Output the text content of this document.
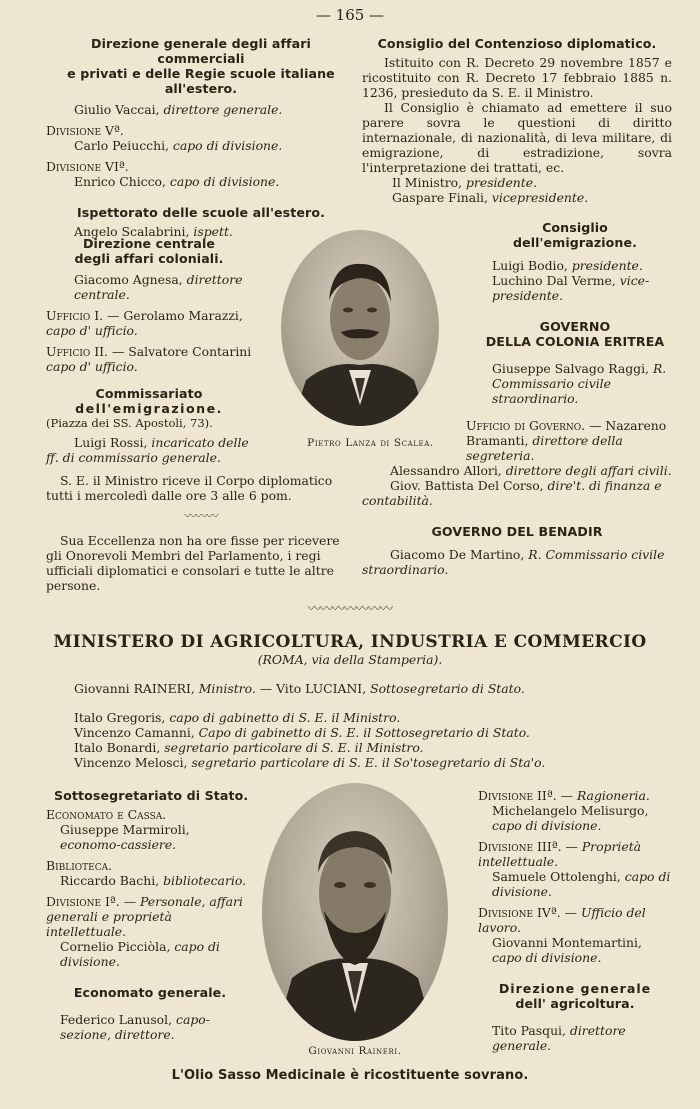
— 165 —
Direzione generale degli affari commerciali
e privati e delle Regie scuole italiane all'estero.
Giulio Vaccai, direttore generale.
Divisione Vª.
Carlo Peiucchi, capo di divisione.
Divisione VIª.
Enrico Chicco, capo di divisione.
Ispettorato delle scuole all'estero.
Angelo Scalabrini, ispett.
Direzione centrale
degli affari coloniali.
Giacomo Agnesa, direttore centrale.
Ufficio I. — Gerolamo Marazzi, capo d' ufficio.
Ufficio II. — Salvatore Contarini capo d' ufficio.
Commissariato
dell'emigrazione.
(Piazza dei SS. Apostoli, 73).
Luigi Rossi, incaricato delle ff. di commissario generale.
S. E. il Ministro riceve il Corpo diplomatico tutti i mercoledì dalle ore 3 alle 6 pom.
〰〰〰
Sua Eccellenza non ha ore fisse per ricevere gli Onorevoli Membri del Parlamento, i regi ufficiali diplomatici e consolari e tutte le altre persone.
Consiglio del Contenzioso diplomatico.
Istituito con R. Decreto 29 novembre 1857 e ricostituito con R. Decreto 17 febbraio 1885 n. 1236, presieduto da S. E. il Ministro.
Il Consiglio è chiamato ad emettere il suo parere sovra le questioni di diritto internazionale, di nazionalità, di leva militare, di emigrazione, di estradizione, sovra l'interpretazione dei trattati, ec.
Il Ministro, presidente.
Gaspare Finali, vicepresidente.
Consiglio dell'emigrazione.
Luigi Bodio, presidente.
Luchino Dal Verme, vice-presidente.
GOVERNO
DELLA COLONIA ERITREA
Giuseppe Salvago Raggi, R. Commissario civile straordinario.
Ufficio di Governo. — Nazareno Bramanti, direttore della segreteria.
Alessandro Allori, direttore degli affari civili.
Giov. Battista Del Corso, dire't. di finanza e contabilità.
GOVERNO DEL BENADIR
Giacomo De Martino, R. Commissario civile straordinario.
Pietro Lanza di Scalea.
〰〰〰〰〰〰〰
MINISTERO DI AGRICOLTURA, INDUSTRIA E COMMERCIO
(ROMA, via della Stamperia).
Giovanni RAINERI, Ministro. — Vito LUCIANI, Sottosegretario di Stato.
Italo Gregoris, capo di gabinetto di S. E. il Ministro.
Vincenzo Camanni, Capo di gabinetto di S. E. il Sottosegretario di Stato.
Italo Bonardi, segretario particolare di S. E. il Ministro.
Vincenzo Melosci, segretario particolare di S. E. il So'tosegretario di Sta'o.
Sottosegretariato di Stato.
Economato e Cassa.
Giuseppe Marmiroli, economo-cassiere.
Biblioteca.
Riccardo Bachi, bibliotecario.
Divisione Iª. — Personale, affari generali e proprietà intellettuale.
Cornelio Picciòla, capo di divisione.
Economato generale.
Federico Lanusol, capo-sezione, direttore.
Giovanni Raineri.
Divisione IIª. — Ragioneria.
Michelangelo Melisurgo, capo di divisione.
Divisione IIIª. — Proprietà intellettuale.
Samuele Ottolenghi, capo di divisione.
Divisione IVª. — Ufficio del lavoro.
Giovanni Montemartini, capo di divisione.
Direzione generale
dell' agricoltura.
Tito Pasqui, direttore generale.
L'Olio Sasso Medicinale è ricostituente sovrano.
